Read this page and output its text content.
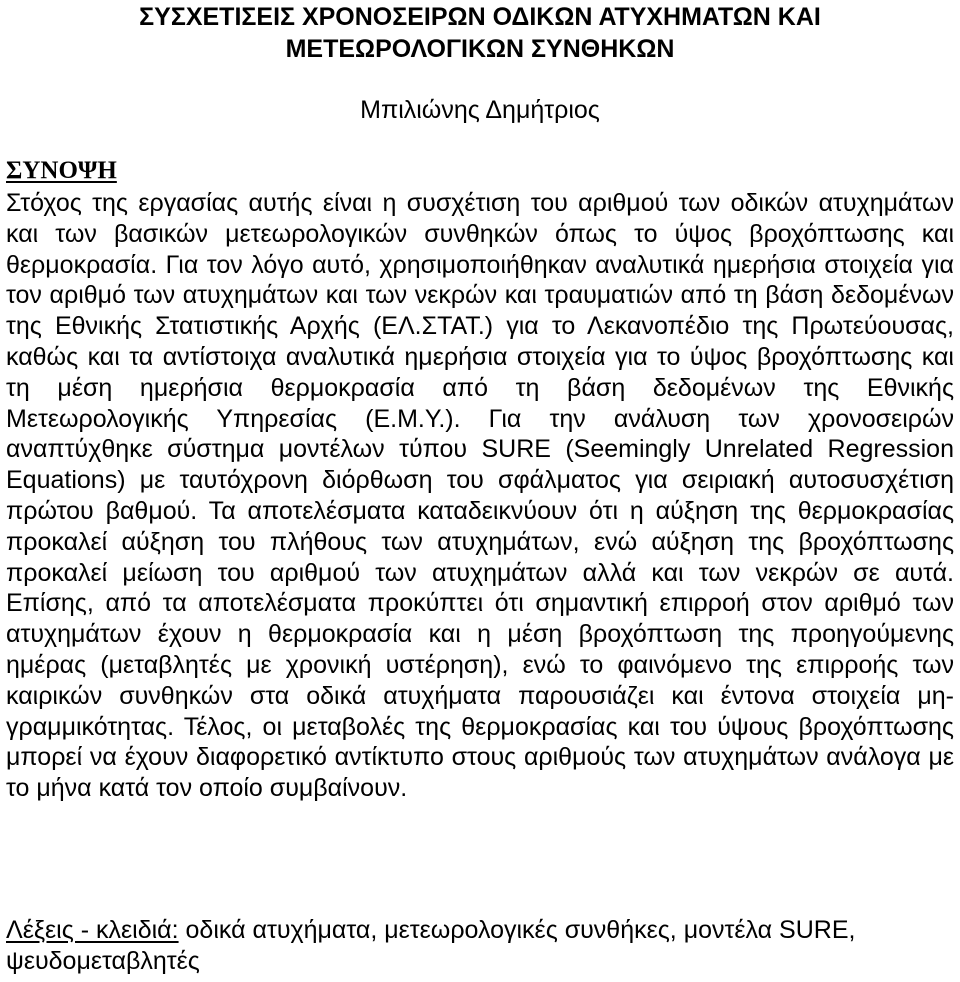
ΣΥΣΧΕΤΙΣΕΙΣ ΧΡΟΝΟΣΕΙΡΩΝ ΟΔΙΚΩΝ ΑΤΥΧΗΜΑΤΩΝ ΚΑΙ
ΜΕΤΕΩΡΟΛΟΓΙΚΩΝ ΣΥΝΘΗΚΩΝ
Μπιλιώνης Δημήτριος
ΣΥΝΟΨΗ

Στόχος της εργασίας αυτής είναι η συσχέτιση του αριθμού των οδικών ατυχημάτων και των βασικών μετεωρολογικών συνθηκών όπως το ύψος βροχόπτωσης και θερμοκρασία. Για τον λόγο αυτό, χρησιμοποιήθηκαν αναλυτικά ημερήσια στοιχεία για τον αριθμό των ατυχημάτων και των νεκρών και τραυματιών από τη βάση δεδομένων της Εθνικής Στατιστικής Αρχής (ΕΛ.ΣΤΑΤ.) για το Λεκανοπέδιο της Πρωτεύουσας, καθώς και τα αντίστοιχα αναλυτικά ημερήσια στοιχεία για το ύψος βροχόπτωσης και τη μέση ημερήσια θερμοκρασία από τη βάση δεδομένων της Εθνικής Μετεωρολογικής Υπηρεσίας (Ε.Μ.Υ.). Για την ανάλυση των χρονοσειρών αναπτύχθηκε σύστημα μοντέλων τύπου SURE (Seemingly Unrelated Regression Equations) με ταυτόχρονη διόρθωση του σφάλματος για σειριακή αυτοσυσχέτιση πρώτου βαθμού. Τα αποτελέσματα καταδεικνύουν ότι η αύξηση της θερμοκρασίας προκαλεί αύξηση του πλήθους των ατυχημάτων, ενώ αύξηση της βροχόπτωσης προκαλεί μείωση του αριθμού των ατυχημάτων αλλά και των νεκρών σε αυτά. Επίσης, από τα αποτελέσματα προκύπτει ότι σημαντική επιρροή στον αριθμό των ατυχημάτων έχουν η θερμοκρασία και η μέση βροχόπτωση της προηγούμενης ημέρας (μεταβλητές με χρονική υστέρηση), ενώ το φαινόμενο της επιρροής των καιρικών συνθηκών στα οδικά ατυχήματα παρουσιάζει και έντονα στοιχεία μη-γραμμικότητας. Τέλος, οι μεταβολές της θερμοκρασίας και του ύψους βροχόπτωσης μπορεί να έχουν διαφορετικό αντίκτυπο στους αριθμούς των ατυχημάτων ανάλογα με το μήνα κατά τον οποίο συμβαίνουν.

Λέξεις - κλειδιά: οδικά ατυχήματα, μετεωρολογικές συνθήκες, μοντέλα SURE, ψευδομεταβλητές
